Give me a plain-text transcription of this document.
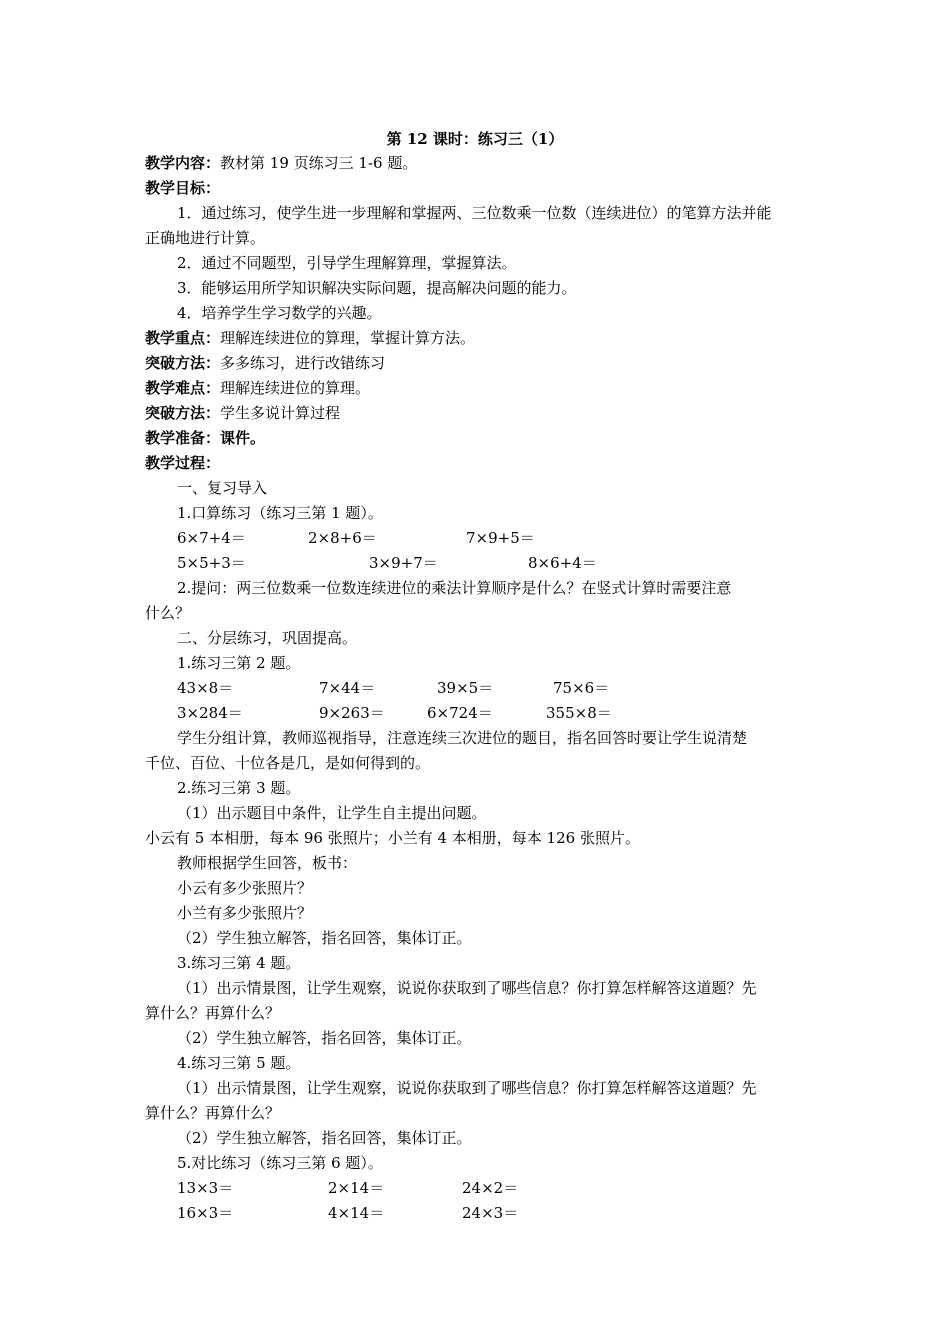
第 12 课时：练习三（1）
教学内容：教材第 19 页练习三 1-6 题。
教学目标：
1．通过练习，使学生进一步理解和掌握两、三位数乘一位数（连续进位）的笔算方法并能
正确地进行计算。
2．通过不同题型，引导学生理解算理，掌握算法。
3．能够运用所学知识解决实际问题，提高解决问题的能力。
4．培养学生学习数学的兴趣。
教学重点：理解连续进位的算理，掌握计算方法。
突破方法：多多练习，进行改错练习
教学难点：理解连续进位的算理。
突破方法：学生多说计算过程
教学准备：课件。
教学过程：
一、复习导入
1.口算练习（练习三第 1 题）。
6×7+4＝	2×8+6＝	7×9+5＝
5×5+3＝	3×9+7＝	8×6+4＝
2.提问：两三位数乘一位数连续进位的乘法计算顺序是什么？在竖式计算时需要注意
什么？
二、分层练习，巩固提高。
1.练习三第 2 题。
43×8＝	7×44＝	39×5＝	75×6＝
3×284＝	9×263＝	6×724＝	355×8＝
学生分组计算，教师巡视指导，注意连续三次进位的题目，指名回答时要让学生说清楚
千位、百位、十位各是几，是如何得到的。
2.练习三第 3 题。
（1）出示题目中条件，让学生自主提出问题。
小云有 5 本相册，每本 96 张照片；小兰有 4 本相册，每本 126 张照片。
教师根据学生回答，板书：
小云有多少张照片？
小兰有多少张照片？
（2）学生独立解答，指名回答，集体订正。
3.练习三第 4 题。
（1）出示情景图，让学生观察，说说你获取到了哪些信息？你打算怎样解答这道题？先
算什么？再算什么？
（2）学生独立解答，指名回答，集体订正。
4.练习三第 5 题。
（1）出示情景图，让学生观察，说说你获取到了哪些信息？你打算怎样解答这道题？先
算什么？再算什么？
（2）学生独立解答，指名回答，集体订正。
5.对比练习（练习三第 6 题）。
13×3＝	2×14＝	24×2＝
16×3＝	4×14＝	24×3＝
